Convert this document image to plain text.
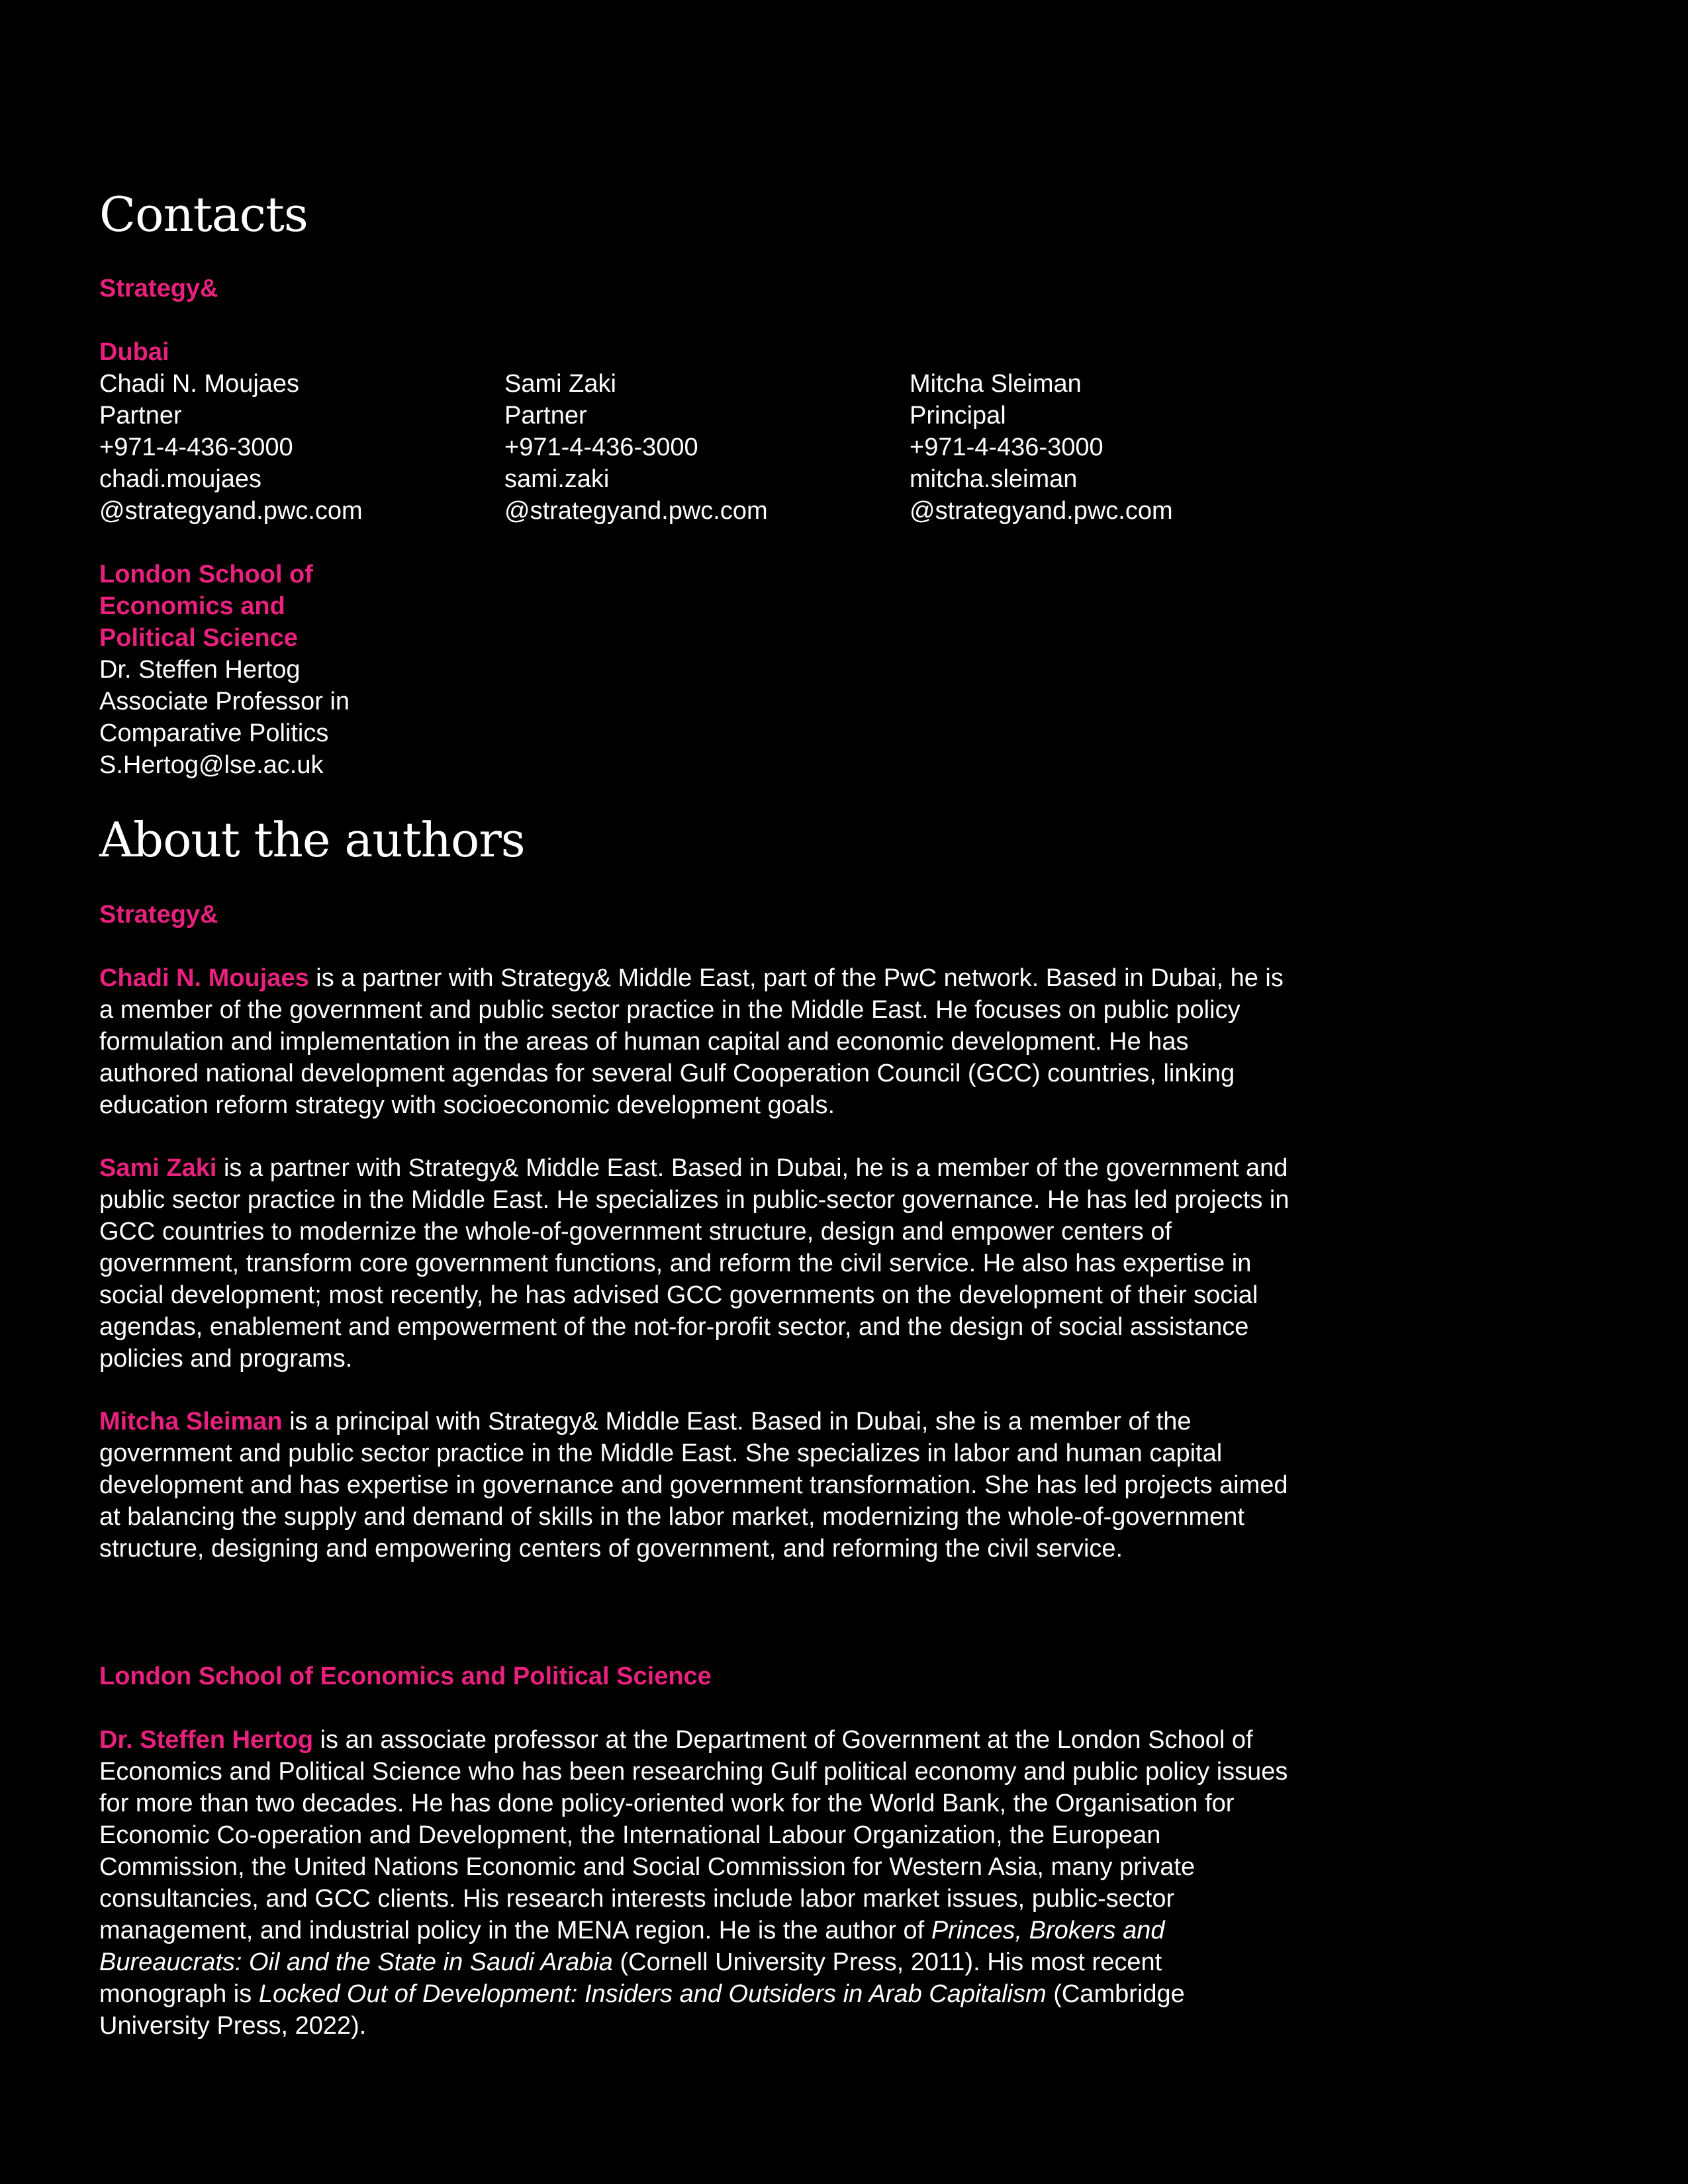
Contacts
Strategy&
Dubai
Chadi N. Moujaes
Partner
+971-4-436-3000
chadi.moujaes
@strategyand.pwc.com
Sami Zaki
Partner
+971-4-436-3000
sami.zaki
@strategyand.pwc.com
Mitcha Sleiman
Principal
+971-4-436-3000
mitcha.sleiman
@strategyand.pwc.com
London School of
Economics and
Political Science
Dr. Steffen Hertog
Associate Professor in
Comparative Politics
S.Hertog@lse.ac.uk
About the authors
Strategy&

Chadi N. Moujaes is a partner with Strategy& Middle East, part of the PwC network. Based in Dubai, he is a member of the government and public sector practice in the Middle East. He focuses on public policy formulation and implementation in the areas of human capital and economic development. He has authored national development agendas for several Gulf Cooperation Council (GCC) countries, linking education reform strategy with socioeconomic development goals.

Sami Zaki is a partner with Strategy& Middle East. Based in Dubai, he is a member of the government and public sector practice in the Middle East. He specializes in public-sector governance. He has led projects in GCC countries to modernize the whole-of-government structure, design and empower centers of government, transform core government functions, and reform the civil service. He also has expertise in social development; most recently, he has advised GCC governments on the development of their social agendas, enablement and empowerment of the not-for-profit sector, and the design of social assistance policies and programs.

Mitcha Sleiman is a principal with Strategy& Middle East. Based in Dubai, she is a member of the government and public sector practice in the Middle East. She specializes in labor and human capital development and has expertise in governance and government transformation. She has led projects aimed at balancing the supply and demand of skills in the labor market, modernizing the whole-of-government structure, designing and empowering centers of government, and reforming the civil service.

London School of Economics and Political Science

Dr. Steffen Hertog is an associate professor at the Department of Government at the London School of Economics and Political Science who has been researching Gulf political economy and public policy issues for more than two decades. He has done policy-oriented work for the World Bank, the Organisation for Economic Co-operation and Development, the International Labour Organization, the European Commission, the United Nations Economic and Social Commission for Western Asia, many private consultancies, and GCC clients. His research interests include labor market issues, public-sector management, and industrial policy in the MENA region. He is the author of Princes, Brokers and Bureaucrats: Oil and the State in Saudi Arabia (Cornell University Press, 2011). His most recent monograph is Locked Out of Development: Insiders and Outsiders in Arab Capitalism (Cambridge University Press, 2022).
